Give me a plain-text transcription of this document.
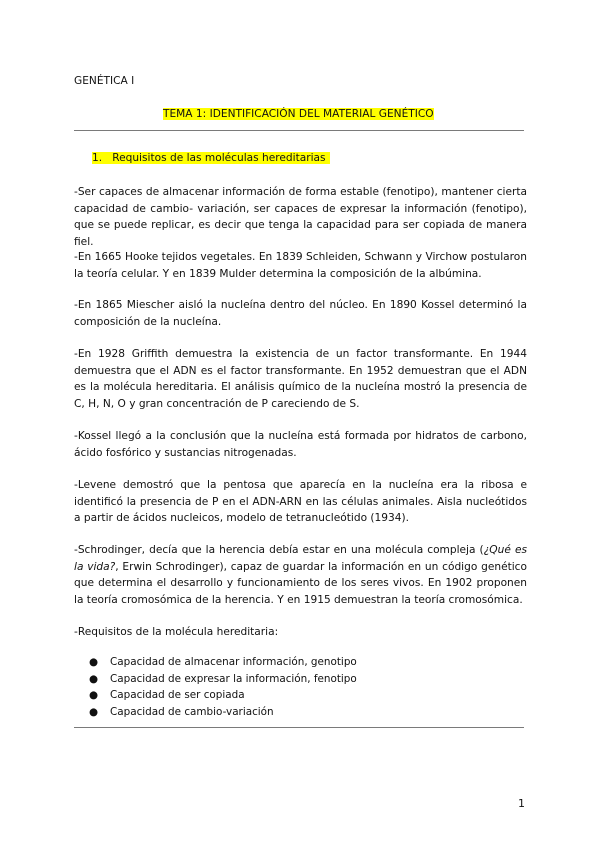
GENÉTICA I
TEMA 1: IDENTIFICACIÓN DEL MATERIAL GENÉTICO
1. Requisitos de las moléculas hereditarias

-Ser capaces de almacenar información de forma estable (fenotipo), mantener cierta capacidad de cambio- variación, ser capaces de expresar la información (fenotipo), que se puede replicar, es decir que tenga la capacidad para ser copiada de manera fiel.

-En 1665 Hooke tejidos vegetales. En 1839 Schleiden, Schwann y Virchow postularon la teoría celular. Y en 1839 Mulder determina la composición de la albúmina.

-En 1865 Miescher aisló la nucleína dentro del núcleo. En 1890 Kossel determinó la composición de la nucleína.

-En 1928 Griffith demuestra la existencia de un factor transformante. En 1944 demuestra que el ADN es el factor transformante. En 1952 demuestran que el ADN es la molécula hereditaria. El análisis químico de la nucleína mostró la presencia de C, H, N, O y gran concentración de P careciendo de S.

-Kossel llegó a la conclusión que la nucleína está formada por hidratos de carbono, ácido fosfórico y sustancias nitrogenadas.

-Levene demostró que la pentosa que aparecía en la nucleína era la ribosa e identificó la presencia de P en el ADN-ARN en las células animales. Aisla nucleótidos a partir de ácidos nucleicos, modelo de tetranucleótido (1934).

-Schrodinger, decía que la herencia debía estar en una molécula compleja (¿Qué es la vida?, Erwin Schrodinger), capaz de guardar la información en un código genético que determina el desarrollo y funcionamiento de los seres vivos. En 1902 proponen la teoría cromosómica de la herencia. Y en 1915 demuestran la teoría cromosómica.

-Requisitos de la molécula hereditaria:

● Capacidad de almacenar información, genotipo
● Capacidad de expresar la información, fenotipo
● Capacidad de ser copiada
● Capacidad de cambio-variación
1
